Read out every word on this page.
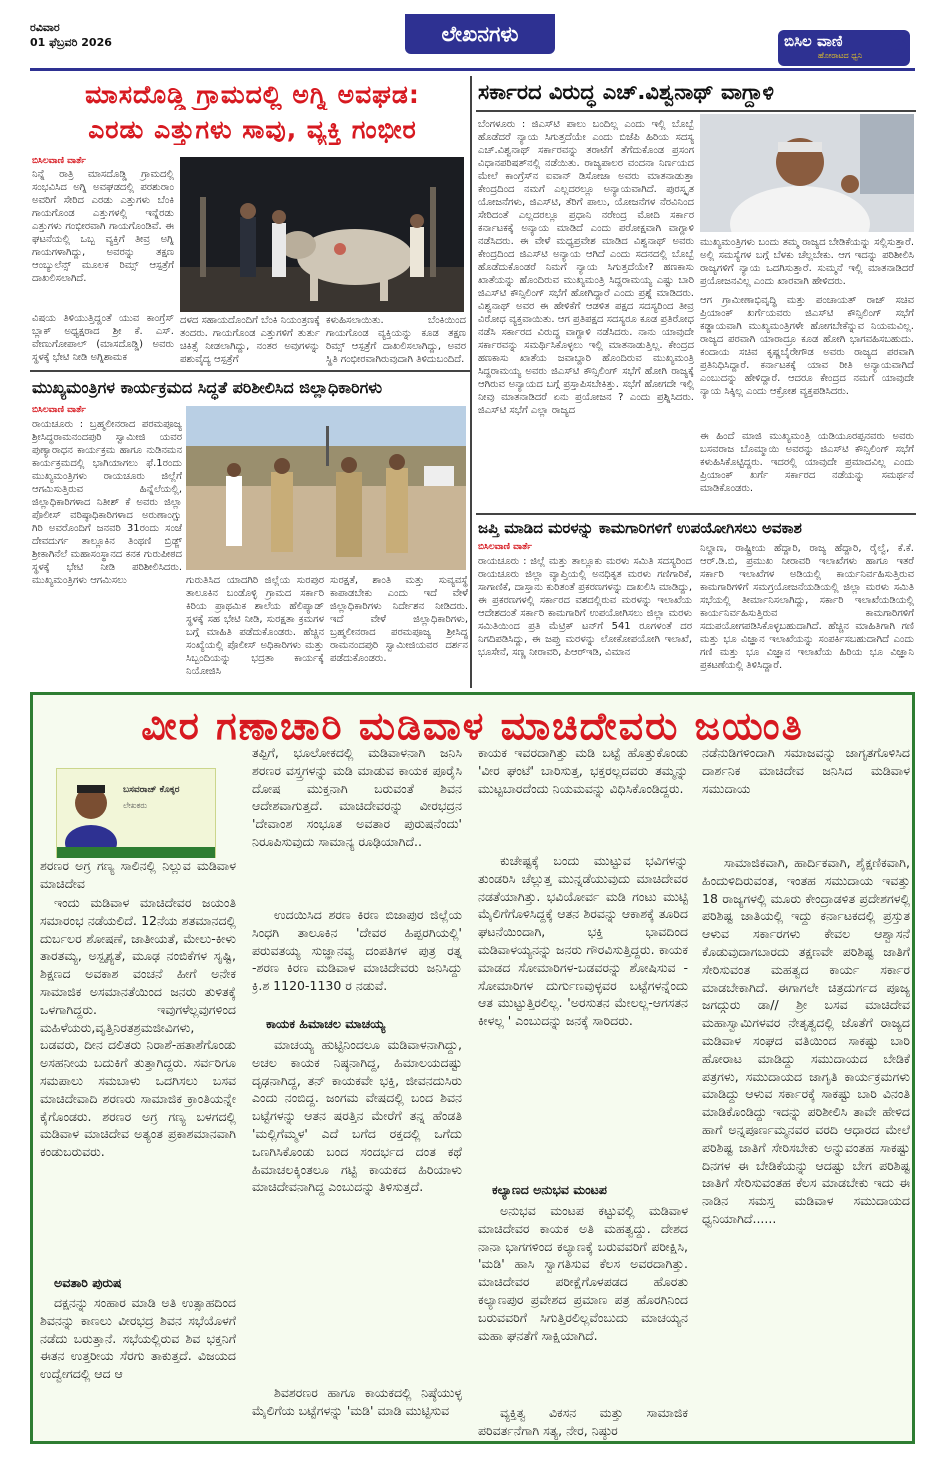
ರವಿವಾರ
01 ಫೆಬ್ರವರಿ 2026	ಲೇಖನಗಳು	ಬಿಸಿಲ ವಾಣಿ
ಹೋರಾಟದ ಧ್ವನಿ 3
ಮಾಸದೊಡ್ಡಿ ಗ್ರಾಮದಲ್ಲಿ ಅಗ್ನಿ ಅವಘಡ:
ಎರಡು ಎತ್ತುಗಳು ಸಾವು, ವ್ಯಕ್ತಿ ಗಂಭೀರ
ಬಿಸಿಲವಾಣಿ ವಾರ್ತೆ
ನಿನ್ನೆ ರಾತ್ರಿ ಮಾಸದೊಡ್ಡಿ ಗ್ರಾಮದಲ್ಲಿ ಸಂಭವಿಸಿದ ಅಗ್ನಿ ಅವಘಡದಲ್ಲಿ ಪರಶುರಾಂ ಅವರಿಗೆ ಸೇರಿದ ಎರಡು ಎತ್ತುಗಳು ಬೆಂಕಿ ಗಾಯಗೊಂಡ ಎತ್ತುಗಳಲ್ಲಿ ಇನ್ನೆರಡು ಎತ್ತುಗಳು ಗಂಭೀರವಾಗಿ ಗಾಯಗೊಂಡಿವೆ. ಈ ಘಟನೆಯಲ್ಲಿ ಒಬ್ಬ ವ್ಯಕ್ತಿಗೆ ತೀವ್ರ ಅಗ್ನಿ ಗಾಯಗಳಾಗಿದ್ದು, ಅವರನ್ನು ತಕ್ಷಣ ಆಂಬ್ಯುಲೆನ್ಸ್ ಮೂಲಕ ರಿಮ್ಸ್ ಆಸ್ಪತ್ರೆಗೆ ದಾಖಲಿಸಲಾಗಿದೆ.
ವಿಷಯ ತಿಳಿಯುತ್ತಿದ್ದಂತೆ ಯುವ ಕಾಂಗ್ರೆಸ್ ಬ್ಲಾಕ್ ಅಧ್ಯಕ್ಷರಾದ ಶ್ರೀ ಕೆ. ಎಸ್. ವೇಣುಗೋಪಾಲ್ (ಮಾಸದೊಡ್ಡಿ) ಅವರು ಸ್ಥಳಕ್ಕೆ ಭೇಟಿ ನೀಡಿ ಅಗ್ನಿಶಾಮಕ
ದಳದ ಸಹಾಯದೊಂದಿಗೆ ಬೆಂಕಿ ನಿಯಂತ್ರಣಕ್ಕೆ ತಂದರು. ಗಾಯಗೊಂಡ ಎತ್ತುಗಳಿಗೆ ತುರ್ತು ಚಿಕಿತ್ಸೆ ನೀಡಲಾಗಿದ್ದು, ನಂತರ ಅವುಗಳನ್ನು ಪಶುವೈದ್ಯ ಆಸ್ಪತ್ರೆಗೆ
ಕಳುಹಿಸಲಾಯಿತು. ಬೆಂಕಿಯಿಂದ ಗಾಯಗೊಂಡ ವ್ಯಕ್ತಿಯನ್ನು ಕೂಡ ತಕ್ಷಣ ರಿಮ್ಸ್ ಆಸ್ಪತ್ರೆಗೆ ದಾಖಲಿಸಲಾಗಿದ್ದು, ಅವರ ಸ್ಥಿತಿ ಗಂಭೀರವಾಗಿರುವುದಾಗಿ ತಿಳಿದುಬಂದಿದೆ.
ಮುಖ್ಯಮಂತ್ರಿಗಳ ಕಾರ್ಯಕ್ರಮದ ಸಿದ್ಧತೆ ಪರಿಶೀಲಿಸಿದ ಜಿಲ್ಲಾಧಿಕಾರಿಗಳು
ಬಿಸಿಲವಾಣಿ ವಾರ್ತೆ
ರಾಯಚೂರು : ಬ್ರಹ್ಮಲೀನರಾದ ಪರಮಪೂಜ್ಯ ಶ್ರೀಸಿದ್ಧರಾಮನಂದಪುರಿ ಸ್ವಾಮೀಜಿ ಯವರ ಪುಣ್ಯಾರಾಧನ ಕಾರ್ಯಕ್ರಮ ಹಾಗೂ ನುಡಿನಮನ ಕಾರ್ಯಕ್ರಮದಲ್ಲಿ ಭಾಗಿಯಾಗಲು ಫೆ.1ರಂದು ಮುಖ್ಯಮಂತ್ರಿಗಳು ರಾಯಚೂರು ಜಿಲ್ಲೆಗೆ ಆಗಮಿಸುತ್ತಿರುವ ಹಿನ್ನೆಲೆಯಲ್ಲಿ, ಜಿಲ್ಲಾಧಿಕಾರಿಗಳಾದ ನಿತೀಶ್ ಕೆ ಅವರು ಜಿಲ್ಲಾ ಪೊಲೀಸ್ ವರಿಷ್ಠಾಧಿಕಾರಿಗಳಾದ ಅರುಣಾಂಗ್ಷು ಗಿರಿ ಅವರೊಂದಿಗೆ ಜನವರಿ 31ರಂದು ಸಂಜೆ ದೇವದುರ್ಗ ತಾಲ್ಲೂಕಿನ ತಿಂಥಣಿ ಬ್ರಿಡ್ಜ್ ಶ್ರೀಕಾಗಿನೆಲೆ ಮಹಾಸಂಸ್ಥಾನದ ಕನಕ ಗುರುಪೀಠದ ಸ್ಥಳಕ್ಕೆ ಭೇಟಿ ನೀಡಿ ಪರಿಶೀಲಿಸಿದರು. ಮುಖ್ಯಮಂತ್ರಿಗಳು ಆಗಮಿಸಲು	ಗುರುತಿಸಿದ ಯಾದಗಿರಿ ಜಿಲ್ಲೆಯ ಸುರಪುರ ತಾಲೂಕಿನ ಬಂಡೊಳ್ಳಿ ಗ್ರಾಮದ ಸರ್ಕಾರಿ ಕಿರಿಯ ಪ್ರಾಥಮಿಕ ಶಾಲೆಯ ಹೆಲಿಪ್ಯಾಡ್ ಸ್ಥಳಕ್ಕೆ ಸಹ ಭೇಟಿ ನೀಡಿ, ಸುರಕ್ಷತಾ ಕ್ರಮಗಳ ಬಗ್ಗೆ ಮಾಹಿತಿ ಪಡೆದುಕೊಂಡರು. ಹೆಚ್ಚಿನ ಸಂಖ್ಯೆಯಲ್ಲಿ ಪೊಲೀಸ್ ಅಧಿಕಾರಿಗಳು ಮತ್ತು ಸಿಬ್ಬಂದಿಯನ್ನು ಭದ್ರತಾ ಕಾರ್ಯಕ್ಕೆ ನಿಯೋಜಿಸಿ
ಸುರಕ್ಷತೆ, ಶಾಂತಿ ಮತ್ತು ಸುವ್ಯವಸ್ಥೆ ಕಾಪಾಡಬೇಕು ಎಂದು ಇದೆ ವೇಳೆ ಜಿಲ್ಲಾಧಿಕಾರಿಗಳು ನಿರ್ದೇಶನ ನೀಡಿದರು. ಇದೆ ವೇಳೆ ಜಿಲ್ಲಾಧಿಕಾರಿಗಳು, ಬ್ರಹ್ಮಲೀನರಾದ ಪರಮಪೂಜ್ಯ ಶ್ರೀಸಿದ್ಧ ರಾಮನಂದಪುರಿ ಸ್ವಾಮೀಜಿಯವರ ದರ್ಶನ ಪಡೆದುಕೊಂಡರು.
ಸರ್ಕಾರದ ವಿರುದ್ಧ ಎಚ್.ವಿಶ್ವನಾಥ್ ವಾಗ್ದಾಳಿ
ಬೆಂಗಳೂರು : ಜಿಎಸ್‌ಟಿ ಪಾಲು ಬಂದಿಲ್ಲ ಎಂದು ಇಲ್ಲಿ ಬೊಬ್ಬೆ ಹೊಡೆದರೆ ನ್ಯಾಯ ಸಿಗುತ್ತದೆಯೇ ಎಂದು ಬಿಜೆಪಿ ಹಿರಿಯ ಸದಸ್ಯ ಎಚ್.ವಿಶ್ವನಾಥ್ ಸರ್ಕಾರವನ್ನು ತರಾಟೆಗೆ ತೆಗೆದುಕೊಂಡ ಪ್ರಸಂಗ ವಿಧಾನಪರಿಷತ್‌ನಲ್ಲಿ ನಡೆಯಿತು. ರಾಜ್ಯಪಾಲರ ವಂದನಾ ನಿರ್ಣಯದ ಮೇಲೆ ಕಾಂಗ್ರೆಸ್‌ನ ಐವಾನ್ ಡಿಸೋಜಾ ಅವರು ಮಾತನಾಡುತ್ತಾ ಕೇಂದ್ರದಿಂದ ನಮಗೆ ಎಲ್ಲದರಲ್ಲೂ ಅನ್ಯಾಯವಾಗಿದೆ. ಪುರಸ್ಕೃತ ಯೋಜನೆಗಳು, ಜಿಎಸ್‌ಟಿ, ತೆರಿಗೆ ಪಾಲು, ಯೋಜನೆಗಳ ನೆರವಿನಿಂದ ಸೇರಿದಂತೆ ಎಲ್ಲದರಲ್ಲೂ ಪ್ರಧಾನಿ ನರೇಂದ್ರ ಮೋದಿ ಸರ್ಕಾರ ಕರ್ನಾಟಕಕ್ಕೆ ಅನ್ಯಾಯ ಮಾಡಿದೆ ಎಂದು ಪರೋಕ್ಷವಾಗಿ ವಾಗ್ದಾಳಿ ನಡೆಸಿದರು. ಈ ವೇಳೆ ಮಧ್ಯಪ್ರವೇಶ ಮಾಡಿದ ವಿಶ್ವನಾಥ್ ಅವರು ಕೇಂದ್ರದಿಂದ ಜಿಎಸ್‌ಟಿ ಅನ್ಯಾಯ ಆಗಿದೆ ಎಂದು ಸದನದಲ್ಲಿ ಬೊಬ್ಬೆ ಹೊಡೆದುಕೊಂಡರೆ ನಿಮಗೆ ನ್ಯಾಯ ಸಿಗುತ್ತದೆಯೇ? ಹಣಕಾಸು ಖಾತೆಯನ್ನು ಹೊಂದಿರುವ ಮುಖ್ಯಮಂತ್ರಿ ಸಿದ್ದರಾಮಯ್ಯ ಎಷ್ಟು ಬಾರಿ ಜಿಎಸ್‌ಟಿ ಕೌನ್ಸಿಲಿಂಗ್ ಸಭೆಗೆ ಹೋಗಿದ್ದಾರೆ ಎಂದು ಪ್ರಶ್ನೆ ಮಾಡಿದರು. ವಿಶ್ವನಾಥ್ ಅವರ ಈ ಹೇಳಿಕೆಗೆ ಆಡಳಿತ ಪಕ್ಷದ ಸದಸ್ಯರಿಂದ ತೀವ್ರ ವಿರೋಧ ವ್ಯಕ್ತವಾಯಿತು. ಆಗ ಪ್ರತಿಪಕ್ಷದ ಸದಸ್ಯರೂ ಕೂಡ ಪ್ರತಿರೋಧ ನಡೆಸಿ ಸರ್ಕಾರದ ವಿರುದ್ಧ ವಾಗ್ದಾಳಿ ನಡೆಸಿದರು. ನಾನು ಯಾವುದೇ ಸರ್ಕಾರವನ್ನು ಸಮರ್ಥಿಸಿಕೊಳ್ಳಲು ಇಲ್ಲಿ ಮಾತನಾಡುತ್ತಿಲ್ಲ. ಕೇಂದ್ರದ ಹಣಕಾಸು ಖಾತೆಯ ಜವಾಬ್ದಾರಿ ಹೊಂದಿರುವ ಮುಖ್ಯಮಂತ್ರಿ ಸಿದ್ದರಾಮಯ್ಯ ಅವರು ಜಿಎಸ್‌ಟಿ ಕೌನ್ಸಿಲಿಂಗ್ ಸಭೆಗೆ ಹೋಗಿ ರಾಜ್ಯಕ್ಕೆ ಆಗಿರುವ ಅನ್ಯಾಯದ ಬಗ್ಗೆ ಪ್ರಸ್ತಾಪಿಸಬೇಕಿತ್ತು. ಸಭೆಗೆ ಹೋಗದೇ ಇಲ್ಲಿ ನೀವು ಮಾತನಾಡಿದರೆ ಏನು ಪ್ರಯೋಜನ ? ಎಂದು ಪ್ರಶ್ನಿಸಿದರು. ಜಿಎಸ್‌ಟಿ ಸಭೆಗೆ ಎಲ್ಲಾ ರಾಜ್ಯದ
ಮುಖ್ಯಮಂತ್ರಿಗಳು ಬಂದು ತಮ್ಮ ರಾಜ್ಯದ ಬೇಡಿಕೆಯನ್ನು ಸಲ್ಲಿಸುತ್ತಾರೆ. ಅಲ್ಲಿ ಸಮಸ್ಯೆಗಳ ಬಗ್ಗೆ ಬೆಳಕು ಚೆಲ್ಲಬೇಕು. ಆಗ ಇದನ್ನು ಪರಿಶೀಲಿಸಿ ರಾಜ್ಯಗಳಿಗೆ ನ್ಯಾಯ ಒದಗಿಸುತ್ತಾರೆ. ಸುಮ್ಮನೆ ಇಲ್ಲಿ ಮಾತನಾಡಿದರೆ ಪ್ರಯೋಜನವಿಲ್ಲ ಎಂದು ಖಾರವಾಗಿ ಹೇಳಿದರು.
ಆಗ ಗ್ರಾಮೀಣಾಭಿವೃದ್ಧಿ ಮತ್ತು ಪಂಚಾಯತ್ ರಾಜ್ ಸಚಿವ ಪ್ರಿಯಾಂಕ್ ಖರ್ಗೆಯವರು ಜಿಎಸ್‌ಟಿ ಕೌನ್ಸಿಲಿಂಗ್ ಸಭೆಗೆ ಕಡ್ಡಾಯವಾಗಿ ಮುಖ್ಯಮಂತ್ರಿಗಳೇ ಹೋಗಬೇಕೆನ್ನುವ ನಿಯಮವಿಲ್ಲ. ರಾಜ್ಯದ ಪರವಾಗಿ ಯಾರಾದ್ರೂ ಕೂಡ ಹೋಗಿ ಭಾಗವಹಿಸಬಹುದು. ಕಂದಾಯ ಸಚಿವ ಕೃಷ್ಣಬೈರೇಗೌಡ ಅವರು ರಾಜ್ಯದ ಪರವಾಗಿ ಪ್ರತಿನಿಧಿಸಿದ್ದಾರೆ. ಕರ್ನಾಟಕಕ್ಕೆ ಯಾವ ರೀತಿ ಅನ್ಯಾಯವಾಗಿದೆ ಎಂಬುದನ್ನು ಹೇಳಿದ್ದಾರೆ. ಆದರೂ ಕೇಂದ್ರದ ನಮಗೆ ಯಾವುದೇ ನ್ಯಾಯ ಸಿಕ್ಕಿಲ್ಲ ಎಂದು ಆಕ್ರೋಶ ವ್ಯಕ್ತಪಡಿಸಿದರು.
ಈ ಹಿಂದೆ ಮಾಜಿ ಮುಖ್ಯಮಂತ್ರಿ ಯಡಿಯೂರಪ್ಪನವರು ಅವರು ಬಸವರಾಜ ಬೊಮ್ಮಾಯಿ ಅವರನ್ನು ಜಿಎಸ್‌ಟಿ ಕೌನ್ಸಿಲಿಂಗ್ ಸಭೆಗೆ ಕಳುಹಿಸಿಕೊಟ್ಟಿದ್ದರು. ಇದರಲ್ಲಿ ಯಾವುದೇ ಪ್ರಮಾದವಿಲ್ಲ ಎಂದು ಪ್ರಿಯಾಂಕ್ ಖರ್ಗೆ ಸರ್ಕಾರದ ನಡೆಯನ್ನು ಸಮರ್ಥನೆ ಮಾಡಿಕೊಂಡರು.
ಜಪ್ತಿ ಮಾಡಿದ ಮರಳನ್ನು ಕಾಮಗಾರಿಗಳಿಗೆ ಉಪಯೋಗಿಸಲು ಅವಕಾಶ
ಬಿಸಿಲವಾಣಿ ವಾರ್ತೆ
ರಾಯಚೂರು : ಜಿಲ್ಲೆ ಮತ್ತು ತಾಲ್ಲೂಕು ಮರಳು ಸಮಿತಿ ಸದಸ್ಯರಿಂದ ರಾಯಚೂರು ಜಿಲ್ಲಾ ವ್ಯಾಪ್ತಿಯಲ್ಲಿ ಅನಧಿಕೃತ ಮರಳು ಗಣಿಗಾರಿಕೆ, ಸಾಗಾಣಿಕೆ, ದಾಸ್ತಾನು ಕುರಿತಂತೆ ಪ್ರಕರಣಗಳನ್ನು ದಾಖಲಿಸಿ ಮಾಡಿದ್ದು, ಈ ಪ್ರಕರಣಗಳಲ್ಲಿ ಸರ್ಕಾರದ ವಶದಲ್ಲಿರುವ ಮರಳನ್ನು ಇಲಾಖೆಯ ಆದೇಶದಂತೆ ಸರ್ಕಾರಿ ಕಾಮಗಾರಿಗೆ ಉಪಯೋಗಿಸಲು ಜಿಲ್ಲಾ ಮರಳು ಸಮಿತಿಯಿಂದ ಪ್ರತಿ ಮೆಟ್ರಿಕ್ ಟನ್‌ಗೆ 541 ರೂಗಳಂತೆ ದರ ನಿಗದಿಪಡಿಸಿದ್ದು, ಈ ಜಪ್ತು ಮರಳನ್ನು ಲೋಕೋಪಯೋಗಿ ಇಲಾಖೆ, ಭೂಸೇನೆ, ಸಣ್ಣ ನೀರಾವರಿ, ಪಿಆರ್‌ಇಡಿ, ವಿಮಾನ
ನಿಲ್ದಾಣ, ರಾಷ್ಟ್ರೀಯ ಹೆದ್ದಾರಿ, ರಾಜ್ಯ ಹೆದ್ದಾರಿ, ರೈಲ್ವೆ, ಕೆ.ಕೆ. ಆರ್.ಡಿ.ಬಿ, ಪ್ರಮುಖ ನೀರಾವರಿ ಇಲಾಖೆಗಳು ಹಾಗೂ ಇತರೆ ಸರ್ಕಾರಿ ಇಲಾಖೆಗಳ ಅಡಿಯಲ್ಲಿ ಕಾರ್ಯನಿರ್ವಹಿಸುತ್ತಿರುವ ಕಾಮಗಾರಿಗಳಿಗೆ ಸಮಗ್ರಯೋಜನೆಯಡಿಯಲ್ಲಿ ಜಿಲ್ಲಾ ಮರಳು ಸಮಿತಿ ಸಭೆಯಲ್ಲಿ ತೀರ್ಮಾನಿಸಲಾಗಿದ್ದು, ಸರ್ಕಾರಿ ಇಲಾಖೆಯಡಿಯಲ್ಲಿ ಕಾರ್ಯನಿರ್ವಹಿಸುತ್ತಿರುವ ಕಾಮಗಾರಿಗಳಿಗೆ ಸದುಪಯೋಗಪಡಿಸಿಕೊಳ್ಳಬಹುದಾಗಿದೆ. ಹೆಚ್ಚಿನ ಮಾಹಿತಿಗಾಗಿ ಗಣಿ ಮತ್ತು ಭೂ ವಿಜ್ಞಾನ ಇಲಾಖೆಯನ್ನು ಸಂಪರ್ಕಿಸಬಹುದಾಗಿದೆ ಎಂದು ಗಣಿ ಮತ್ತು ಭೂ ವಿಜ್ಞಾನ ಇಲಾಖೆಯ ಹಿರಿಯ ಭೂ ವಿಜ್ಞಾನಿ ಪ್ರಕಟಣೆಯಲ್ಲಿ ತಿಳಿಸಿದ್ದಾರೆ.
ವೀರ ಗಣಾಚಾರಿ ಮಡಿವಾಳ ಮಾಚಿದೇವರು ಜಯಂತಿ
ಬಸವರಾಜ್ ಕೊಕ್ಕರ
ಲೇಖಕರು
ಶರಣರ ಅಗ್ರ ಗಣ್ಯ ಸಾಲಿನಲ್ಲಿ ನಿಲ್ಲುವ ಮಡಿವಾಳ ಮಾಚಿದೇವ
ಇಂದು ಮಡಿವಾಳ ಮಾಚಿದೇವರ ಜಯಂತಿ ಸಮಾರಂಭ ನಡೆಯಲಿದೆ. 12ನೆಯ ಶತಮಾನದಲ್ಲಿ ದುರ್ಬಲರ ಶೋಷಣೆ, ಜಾತೀಯತೆ, ಮೇಲು-ಕೀಳು ತಾರತಮ್ಯ, ಅಸ್ಪೃಶ್ಯತೆ, ಮೂಢ ನಂಬಿಕೆಗಳ ಸೃಷ್ಟಿ, ಶಿಕ್ಷಣದ ಅವಕಾಶ ವಂಚನೆ ಹೀಗೆ ಅನೇಕ ಸಾಮಾಜಿಕ ಅಸಮಾನತೆಯಿಂದ ಜನರು ತುಳಿತಕ್ಕೆ ಒಳಗಾಗಿದ್ದರು. ಇವುಗಳೆಲ್ಲವುಗಳಿಂದ ಮಹಿಳೆಯರು,ವೃತ್ತಿನಿರತಶ್ರಮಜೀವಿಗಳು, ಬಡವರು, ದೀನ ದಲಿತರು ನಿರಾಶೆ-ಹತಾಶೆಗೊಂಡು ಅಸಹನೀಯ ಬದುಕಿಗೆ ತುತ್ತಾಗಿದ್ದರು. ಸರ್ವರಿಗೂ ಸಮಪಾಲು ಸಮಬಾಳು ಒದಗಿಸಲು ಬಸವ ಮಾಚಿದೇವಾದಿ ಶರಣರು ಸಾಮಾಜಿಕ ಕ್ರಾಂತಿಯನ್ನೇ ಕೈಗೊಂಡರು. ಶರಣರ ಅಗ್ರ ಗಣ್ಯ ಬಳಗದಲ್ಲಿ ಮಡಿವಾಳ ಮಾಚಿದೇವ ಅತ್ಯಂತ ಪ್ರಕಾಶಮಾನವಾಗಿ ಕಂಡುಬರುವರು.
ಅವತಾರಿ ಪುರುಷ
ದಕ್ಷನನ್ನು ಸಂಹಾರ ಮಾಡಿ ಅತಿ ಉತ್ಸಾಹದಿಂದ ಶಿವನನ್ನು ಕಾಣಲು ವೀರಭದ್ರ ಶಿವನ ಸಭೆಯೊಳಗೆ ನಡೆದು ಬರುತ್ತಾನೆ. ಸಭೆಯಲ್ಲಿರುವ ಶಿವ ಭಕ್ತನಿಗೆ ಈತನ ಉತ್ತರೀಯ ಸೆರಗು ತಾಕುತ್ತದೆ. ವಿಜಯದ ಉದ್ವೇಗದಲ್ಲಿ ಆದ ಆ
ತಪ್ಪಿಗೆ, ಭೂಲೋಕದಲ್ಲಿ ಮಡಿವಾಳನಾಗಿ ಜನಿಸಿ ಶರಣರ ವಸ್ತ್ರಗಳನ್ನು ಮಡಿ ಮಾಡುವ ಕಾಯಕ ಪೂರೈಸಿ ದೋಷ ಮುಕ್ತನಾಗಿ ಬರುವಂತೆ ಶಿವನ ಆದೇಶವಾಗುತ್ತದೆ. ಮಾಚಿದೇವರನ್ನು ವೀರಭದ್ರನ 'ದೇವಾಂಶ ಸಂಭೂತ ಅವತಾರ ಪುರುಷನೆಂದು' ನಿರೂಪಿಸುವುದು ಸಾಮಾನ್ಯ ರೂಢಿಯಾಗಿದೆ..
ಉದಯಿಸಿದ ಶರಣ ಕಿರಣ ಬಿಜಾಪುರ ಜಿಲ್ಲೆಯ ಸಿಂಧಗಿ ತಾಲೂಕಿನ 'ದೇವರ ಹಿಪ್ಪರಗಿಯಲ್ಲಿ' ಪರುವತಯ್ಯ ಸುಜ್ಞಾನವ್ವ ದಂಪತಿಗಳ ಪುತ್ರ ರತ್ನ -ಶರಣ ಕಿರಣ ಮಡಿವಾಳ ಮಾಚಿದೇವರು ಜನಿಸಿದ್ದು ಕ್ರಿ.ಶ 1120-1130 ರ ನಡುವೆ.
ಕಾಯಕ ಹಿಮಾಚಲ ಮಾಚಯ್ಯ
ಮಾಚಯ್ಯ ಹುಟ್ಟಿನಿಂದಲೂ ಮಡಿವಾಳನಾಗಿದ್ದು, ಅಚಲ ಕಾಯಕ ನಿಷ್ಠನಾಗಿದ್ದ, ಹಿಮಾಲಯದಷ್ಟು ದೃಢನಾಗಿದ್ದ, ತನ್ ಕಾಯಕವೇ ಭಕ್ತಿ, ಜೀವನದುಸಿರು ಎಂದು ನಂಬಿದ್ದ. ಜಂಗಮ ವೇಷದಲ್ಲಿ ಬಂದ ಶಿವನ ಬಟ್ಟೆಗಳನ್ನು ಆತನ ಷರತ್ತಿನ ಮೇರೆಗೆ ತನ್ನ ಹೆಂಡತಿ 'ಮಲ್ಲಿಗೆಮ್ಮಳ' ಎದೆ ಬಗೆದ ರಕ್ತದಲ್ಲಿ ಒಗೆದು ಒಣಗಿಸಿಕೊಂಡು ಬಂದ ಸಂದರ್ಭದ ದಂತ ಕಥೆ ಹಿಮಾಚಲಕ್ಕಿಂತಲೂ ಗಟ್ಟಿ ಕಾಯಕದ ಹಿರಿಯಾಳು ಮಾಚಿದೇವನಾಗಿದ್ದ ಎಂಬುದನ್ನು ತಿಳಿಸುತ್ತದೆ.
ಶಿವಶರಣರ ಹಾಗೂ ಕಾಯಕದಲ್ಲಿ ನಿಷ್ಠೆಯುಳ್ಳ ಮೈಲಿಗೆಯ ಬಟ್ಟೆಗಳನ್ನು 'ಮಡಿ' ಮಾಡಿ ಮುಟ್ಟಿಸುವ
ಕಾಯಕ ಇವರದಾಗಿತ್ತು ಮಡಿ ಬಟ್ಟೆ ಹೊತ್ತುಕೊಂಡು 'ವೀರ ಘಂಟೆ' ಬಾರಿಸುತ್ತ, ಭಕ್ತರಲ್ಲದವರು ತಮ್ಮನ್ನು ಮುಟ್ಟಬಾರದೆಂದು ನಿಯಮವನ್ನು ವಿಧಿಸಿಕೊಂಡಿದ್ದರು.
ಕುಚೇಷ್ಟಕ್ಕೆ ಬಂದು ಮುಟ್ಟುವ ಭವಿಗಳನ್ನು ತುಂಡರಿಸಿ ಚೆಲ್ಲುತ್ತ ಮುನ್ನಡೆಯುವುದು ಮಾಚಿದೇವರ ನಡತೆಯಾಗಿತ್ತು. ಭವಿಯೋರ್ವ ಮಡಿ ಗಂಟು ಮುಟ್ಟಿ ಮೈಲಿಗೆಗೊಳಿಸಿದ್ದಕ್ಕೆ ಆತನ ಶಿರವನ್ನು ಆಕಾಶಕ್ಕೆ ತೂರಿದ ಘಟನೆಯಿಂದಾಗಿ, ಭಕ್ತಿ ಭಾವದಿಂದ ಮಡಿವಾಳಯ್ಯನನ್ನು ಜನರು ಗೌರವಿಸುತ್ತಿದ್ದರು. ಕಾಯಕ ಮಾಡದ ಸೋಮಾರಿಗಳ-ಬಡವರನ್ನು ಶೋಷಿಸುವ - ಸೋಮಾರಿಗಳ ದುರ್ಗುಣವುಳ್ಳವರ ಬಟ್ಟೆಗಳನ್ನೆಂದು ಆತ ಮುಟ್ಟುತ್ತಿರಲಿಲ್ಲ. 'ಅರಸುತನ ಮೇಲಲ್ಲ-ಆಗಸತನ ಕೀಳಲ್ಲ ' ಎಂಬುದನ್ನು ಜನಕ್ಕೆ ಸಾರಿದರು.
ಕಲ್ಯಾಣದ ಅನುಭವ ಮಂಟಪ
ಅನುಭವ ಮಂಟಪ ಕಟ್ಟುವಲ್ಲಿ ಮಡಿವಾಳ ಮಾಚಿದೇವರ ಕಾಯಕ ಅತಿ ಮಹತ್ವದ್ದು. ದೇಶದ ನಾನಾ ಭಾಗಗಳಿಂದ ಕಲ್ಯಾಣಕ್ಕೆ ಬರುವವರಿಗೆ ಪರೀಕ್ಷಿಸಿ, 'ಮಡಿ' ಹಾಸಿ ಸ್ವಾಗತಿಸುವ ಕೆಲಸ ಅವರದಾಗಿತ್ತು. ಮಾಚಿದೇವರ ಪರೀಕ್ಷೆಗೊಳಪಡದ ಹೊರತು ಕಲ್ಯಾಣಪುರ ಪ್ರವೇಶದ ಪ್ರಮಾಣ ಪತ್ರ ಹೊರಗಿನಿಂದ ಬರುವವರಿಗೆ ಸಿಗುತ್ತಿರಲಿಲ್ಲವೆಂಬುದು ಮಾಚಯ್ಯನ ಮಹಾ ಘನತೆಗೆ ಸಾಕ್ಷಿಯಾಗಿದೆ.
ವ್ಯಕ್ತಿತ್ವ ವಿಕಸನ ಮತ್ತು ಸಾಮಾಜಿಕ ಪರಿವರ್ತನೆಗಾಗಿ ಸತ್ಯ, ನೇರ, ನಿಷ್ಠುರ
ನಡೆನುಡಿಗಳಿಂದಾಗಿ ಸಮಾಜವನ್ನು ಜಾಗೃತಗೊಳಿಸಿದ ದಾರ್ಶನಿಕ ಮಾಚಿದೇವ ಜನಿಸಿದ ಮಡಿವಾಳ ಸಮುದಾಯ
ಸಾಮಾಜಿಕವಾಗಿ, ಹಾರ್ದಿಕವಾಗಿ, ಶೈಕ್ಷಣಿಕವಾಗಿ, ಹಿಂದುಳಿದಿರುವಂತ, ಇಂತಹ ಸಮುದಾಯ ಇವತ್ತು 18 ರಾಜ್ಯಗಳಲ್ಲಿ ಮೂರು ಕೇಂದ್ರಾಡಳಿತ ಪ್ರದೇಶಗಳಲ್ಲಿ ಪರಿಶಿಷ್ಟ ಜಾತಿಯಲ್ಲಿ ಇದ್ದು ಕರ್ನಾಟಕದಲ್ಲಿ ಪ್ರಸ್ತುತ ಆಳುವ ಸರ್ಕಾರಗಳು ಕೇವಲ ಆಶ್ವಾಸನೆ ಕೊಡುವುದಾಗಬಾರದು ತಕ್ಷಣವೇ ಪರಿಶಿಷ್ಟ ಜಾತಿಗೆ ಸೇರಿಸುವಂತ ಮಹತ್ವದ ಕಾರ್ಯ ಸರ್ಕಾರ ಮಾಡಬೇಕಾಗಿದೆ. ಈಗಾಗಲೇ ಚಿತ್ರದುರ್ಗದ ಪೂಜ್ಯ ಜಗದ್ಗುರು ಡಾ// ಶ್ರೀ ಬಸವ ಮಾಚಿದೇವ ಮಹಾಸ್ವಾಮಿಗಳವರ ನೇತೃತ್ವದಲ್ಲಿ ಜೊತೆಗೆ ರಾಜ್ಯದ ಮಡಿವಾಳ ಸಂಘದ ವತಿಯಿಂದ ಸಾಕಷ್ಟು ಬಾರಿ ಹೋರಾಟ ಮಾಡಿದ್ದು ಸಮುದಾಯದ ಬೇಡಿಕೆ ಪತ್ರಗಳು, ಸಮುದಾಯದ ಜಾಗೃತಿ ಕಾರ್ಯಕ್ರಮಗಳು ಮಾಡಿದ್ದು ಆಳುವ ಸರ್ಕಾರಕ್ಕೆ ಸಾಕಷ್ಟು ಬಾರಿ ವಿನಂತಿ ಮಾಡಿಕೊಂಡಿದ್ದು ಇದನ್ನು ಪರಿಶೀಲಿಸಿ ತಾವೇ ಹೇಳಿದ ಹಾಗೆ ಅನ್ನಪೂರ್ಣಮ್ಮನವರ ವರದಿ ಆಧಾರದ ಮೇಲೆ ಪರಿಶಿಷ್ಟ ಜಾತಿಗೆ ಸೇರಿಸಬೇಕು ಅನ್ನುವಂತಹ ಸಾಕಷ್ಟು ದಿನಗಳ ಈ ಬೇಡಿಕೆಯನ್ನು ಆದಷ್ಟು ಬೇಗ ಪರಿಶಿಷ್ಟ ಜಾತಿಗೆ ಸೇರಿಸುವಂತಹ ಕೆಲಸ ಮಾಡಬೇಕು ಇದು ಈ ನಾಡಿನ ಸಮಸ್ತ ಮಡಿವಾಳ ಸಮುದಾಯದ ಧ್ವನಿಯಾಗಿದೆ......
